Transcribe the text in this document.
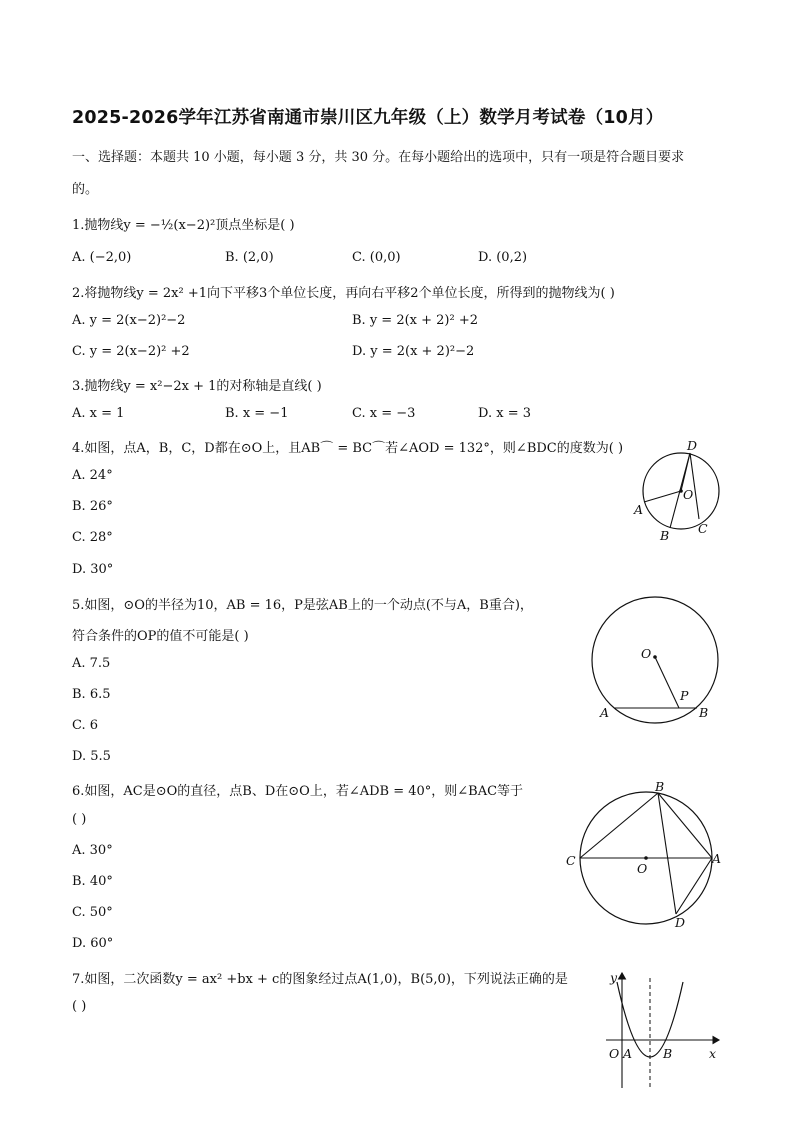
2025-2026学年江苏省南通市崇川区九年级（上）数学月考试卷（10月）
一、选择题：本题共 10 小题，每小题 3 分，共 30 分。在每小题给出的选项中，只有一项是符合题目要求
的。
1.抛物线y = −½(x−2)²顶点坐标是( )
A. (−2,0)	B. (2,0)	C. (0,0)	D. (0,2)
2.将抛物线y = 2x² +1向下平移3个单位长度，再向右平移2个单位长度，所得到的抛物线为( )
A. y = 2(x−2)²−2	B. y = 2(x + 2)² +2
C. y = 2(x−2)² +2	D. y = 2(x + 2)²−2
3.抛物线y = x²−2x + 1的对称轴是直线( )
A. x = 1	B. x = −1	C. x = −3	D. x = 3
4.如图，点A，B，C，D都在⊙O上，且AB⌒ = BC⌒若∠AOD = 132°，则∠BDC的度数为( )
A. 24°
B. 26°
C. 28°
D. 30°
D
O
A
B C
5.如图，⊙O的半径为10，AB = 16，P是弦AB上的一个动点(不与A，B重合)，
符合条件的OP的值不可能是( )
A. 7.5
B. 6.5
C. 6
D. 5.5
O
P
A	B
6.如图，AC是⊙O的直径，点B、D在⊙O上，若∠ADB = 40°，则∠BAC等于
( )
A. 30°
B. 40°
C. 50°
D. 60°
B
C
O
A
D
7.如图，二次函数y = ax² +bx + c的图象经过点A(1,0)，B(5,0)，下列说法正确的是
( )
y
O A B	x
